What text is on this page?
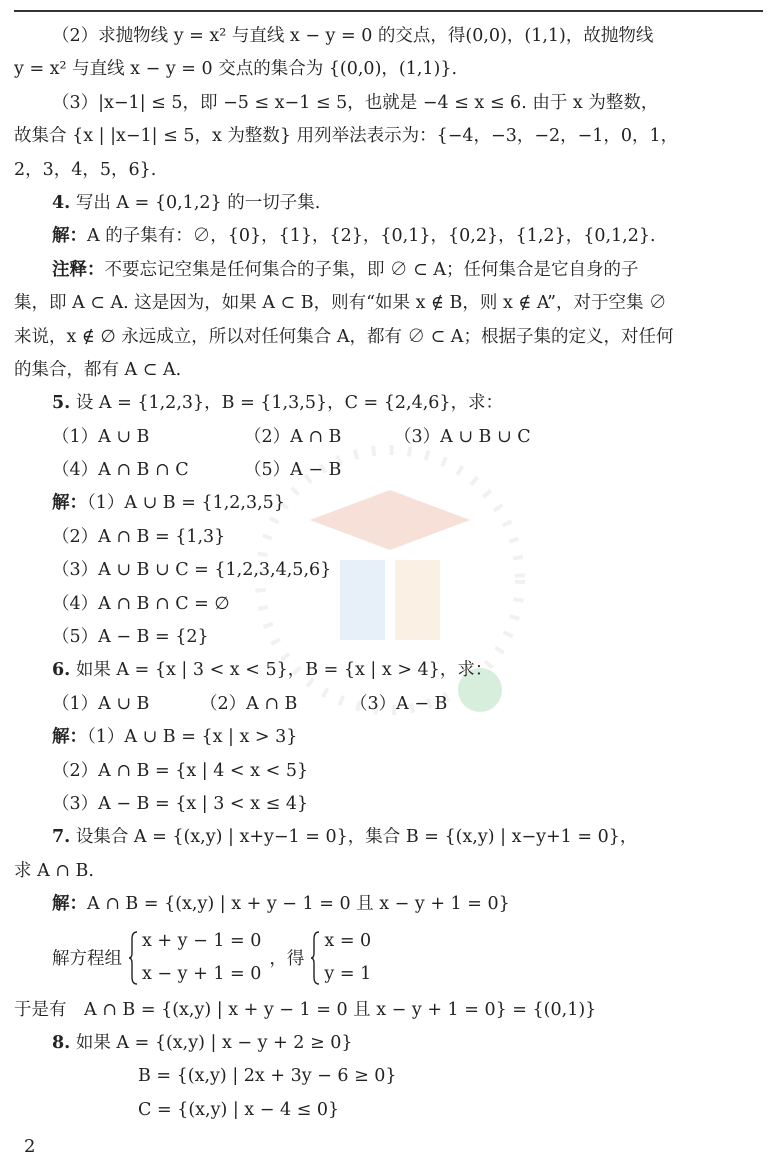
（2）求抛物线 y = x² 与直线 x − y = 0 的交点，得(0,0)，(1,1)，故抛物线
y = x² 与直线 x − y = 0 交点的集合为 {(0,0)，(1,1)}.
（3）|x−1| ≤ 5，即 −5 ≤ x−1 ≤ 5，也就是 −4 ≤ x ≤ 6. 由于 x 为整数，
故集合 {x | |x−1| ≤ 5，x 为整数} 用列举法表示为：{−4，−3，−2，−1，0，1，
2，3，4，5，6}.
4. 写出 A = {0,1,2} 的一切子集.
解：A 的子集有：∅，{0}，{1}，{2}，{0,1}，{0,2}，{1,2}，{0,1,2}.
注释：不要忘记空集是任何集合的子集，即 ∅ ⊂ A；任何集合是它自身的子
集，即 A ⊂ A. 这是因为，如果 A ⊂ B，则有“如果 x ∉ B，则 x ∉ A”，对于空集 ∅
来说，x ∉ ∅ 永远成立，所以对任何集合 A，都有 ∅ ⊂ A；根据子集的定义，对任何
的集合，都有 A ⊂ A.
5. 设 A = {1,2,3}，B = {1,3,5}，C = {2,4,6}，求：
（1）A ∪ B	（2）A ∩ B	（3）A ∪ B ∪ C
（4）A ∩ B ∩ C	（5）A − B
解：（1）A ∪ B = {1,2,3,5}
（2）A ∩ B = {1,3}
（3）A ∪ B ∪ C = {1,2,3,4,5,6}
（4）A ∩ B ∩ C = ∅
（5）A − B = {2}
6. 如果 A = {x | 3 < x < 5}，B = {x | x > 4}，求：
（1）A ∪ B	（2）A ∩ B	（3）A − B
解：（1）A ∪ B = {x | x > 3}
（2）A ∩ B = {x | 4 < x < 5}
（3）A − B = {x | 3 < x ≤ 4}
7. 设集合 A = {(x,y) | x+y−1 = 0}，集合 B = {(x,y) | x−y+1 = 0}，
求 A ∩ B.
解：A ∩ B = {(x,y) | x + y − 1 = 0 且 x − y + 1 = 0}
解方程组
x + y − 1 = 0
x − y + 1 = 0
，得
x = 0
y = 1
于是有　A ∩ B = {(x,y) | x + y − 1 = 0 且 x − y + 1 = 0} = {(0,1)}
8. 如果 A = {(x,y) | x − y + 2 ≥ 0}
B = {(x,y) | 2x + 3y − 6 ≥ 0}
C = {(x,y) | x − 4 ≤ 0}
2
